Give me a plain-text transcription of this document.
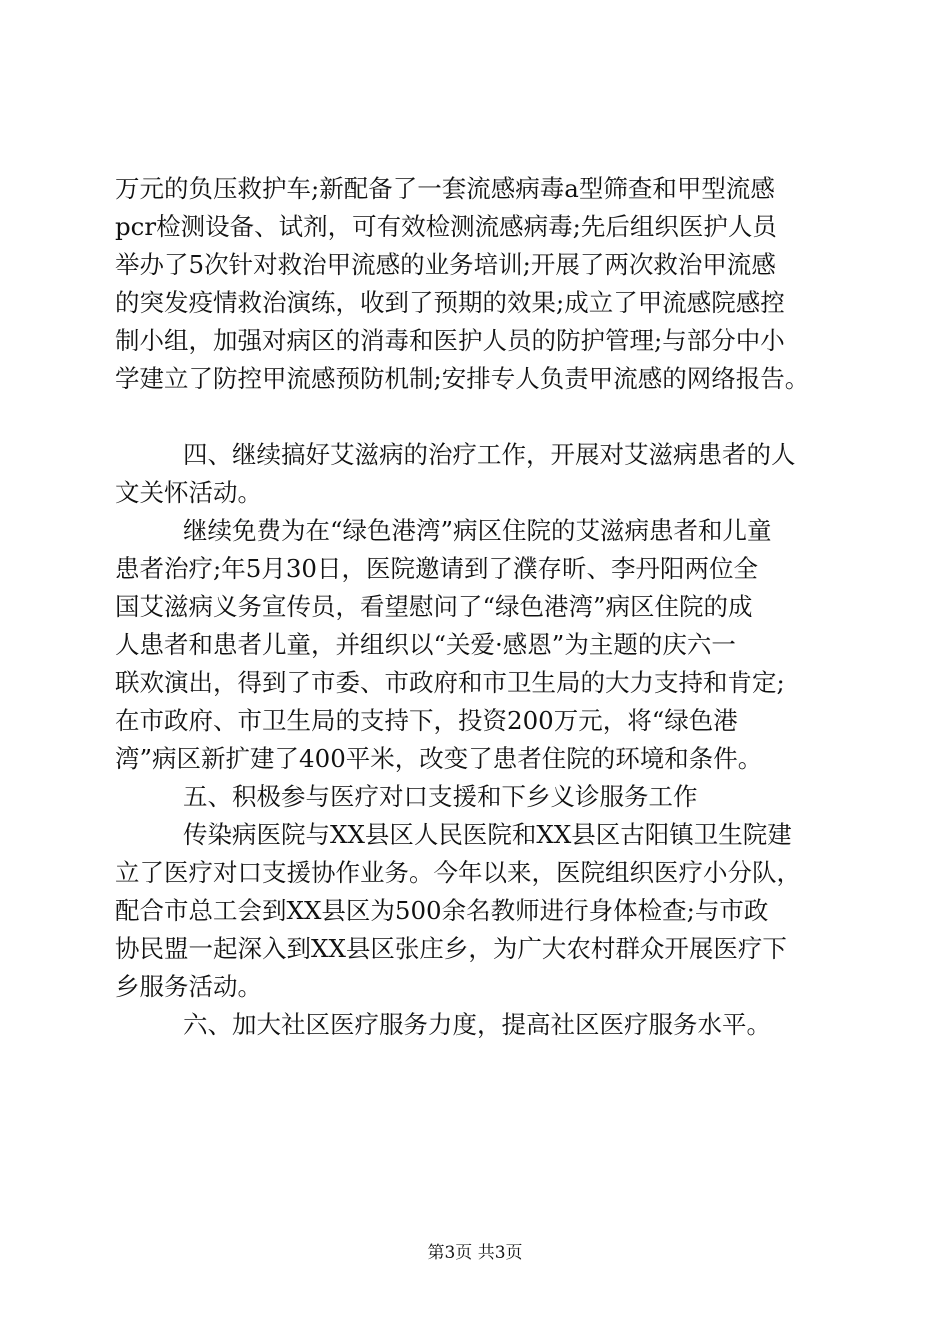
万元的负压救护车;新配备了一套流感病毒a型筛查和甲型流感
pcr检测设备、试剂，可有效检测流感病毒;先后组织医护人员
举办了5次针对救治甲流感的业务培训;开展了两次救治甲流感
的突发疫情救治演练，收到了预期的效果;成立了甲流感院感控
制小组，加强对病区的消毒和医护人员的防护管理;与部分中小
学建立了防控甲流感预防机制;安排专人负责甲流感的网络报告。
四、继续搞好艾滋病的治疗工作，开展对艾滋病患者的人
文关怀活动。
继续免费为在“绿色港湾”病区住院的艾滋病患者和儿童
患者治疗;年5月30日，医院邀请到了濮存昕、李丹阳两位全
国艾滋病义务宣传员，看望慰问了“绿色港湾”病区住院的成
人患者和患者儿童，并组织以“关爱·感恩”为主题的庆六一
联欢演出，得到了市委、市政府和市卫生局的大力支持和肯定;
在市政府、市卫生局的支持下，投资200万元，将“绿色港
湾”病区新扩建了400平米，改变了患者住院的环境和条件。
五、积极参与医疗对口支援和下乡义诊服务工作
传染病医院与XX县区人民医院和XX县区古阳镇卫生院建
立了医疗对口支援协作业务。今年以来，医院组织医疗小分队，
配合市总工会到XX县区为500余名教师进行身体检查;与市政
协民盟一起深入到XX县区张庄乡，为广大农村群众开展医疗下
乡服务活动。
六、加大社区医疗服务力度，提高社区医疗服务水平。
第3页 共3页
